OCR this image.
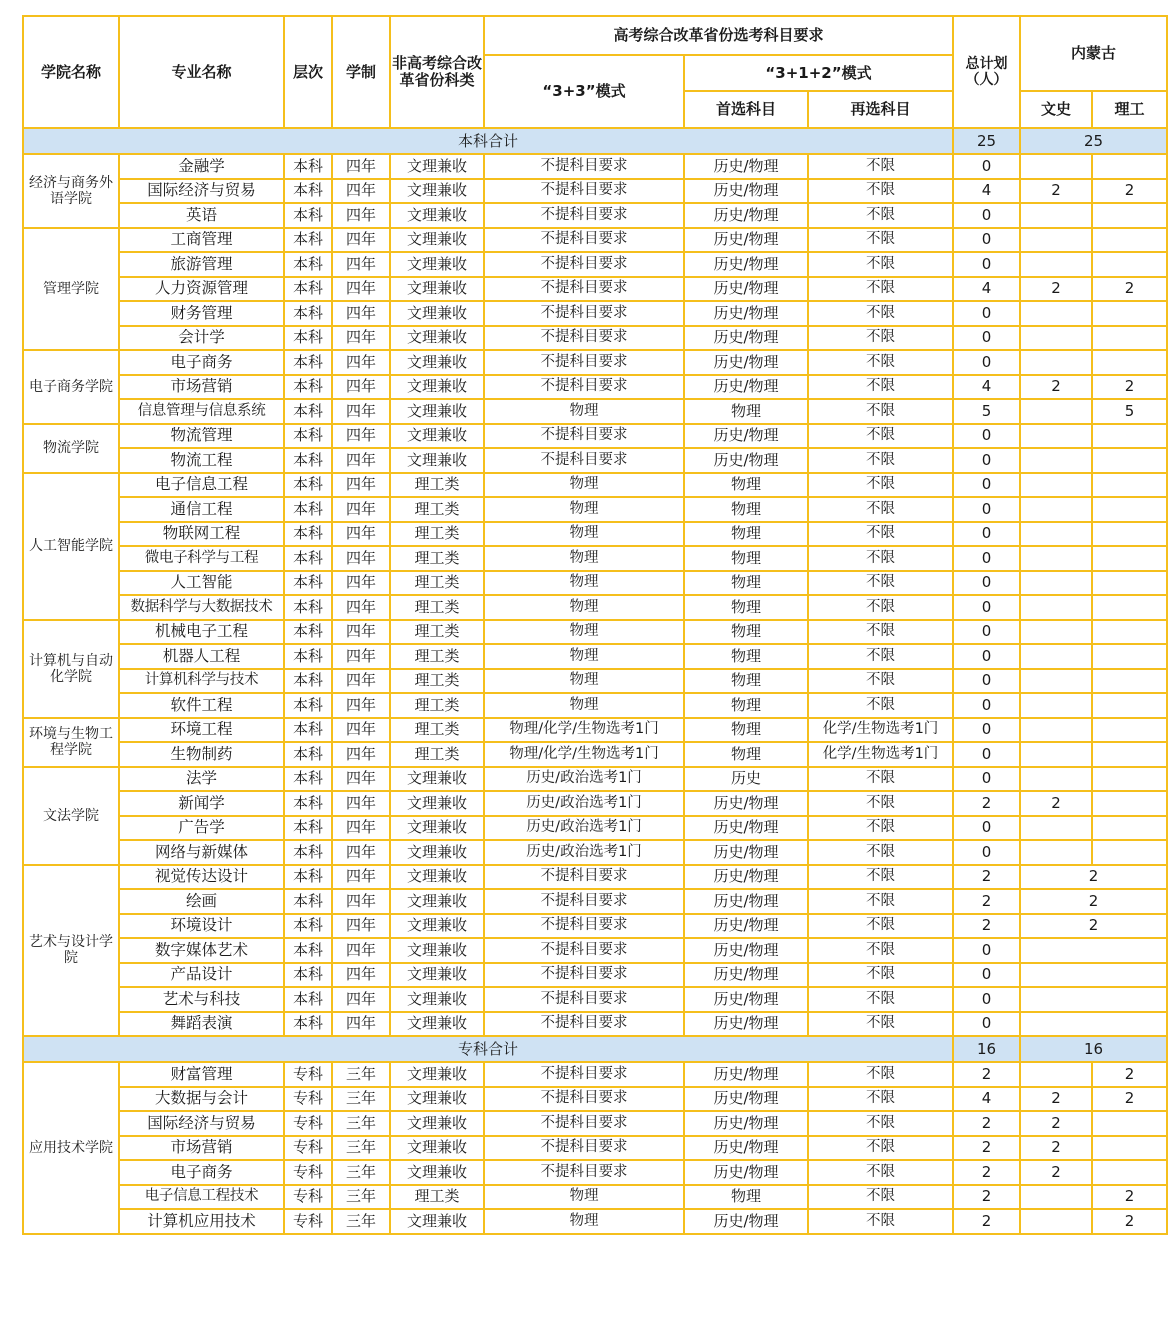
学院名称	专业名称	层次	学制	非高考综合改革省份科类	高考综合改革省份选考科目要求			总计划（人）	内蒙古	
					“3+3”模式	“3+1+2”模式				
						首选科目	再选科目		文史	理工
本科合计								25	25	
经济与商务外语学院	金融学	本科	四年	文理兼收	不提科目要求	历史/物理	不限	0		
	国际经济与贸易	本科	四年	文理兼收	不提科目要求	历史/物理	不限	4	2	2
	英语	本科	四年	文理兼收	不提科目要求	历史/物理	不限	0		
管理学院	工商管理	本科	四年	文理兼收	不提科目要求	历史/物理	不限	0		
	旅游管理	本科	四年	文理兼收	不提科目要求	历史/物理	不限	0		
	人力资源管理	本科	四年	文理兼收	不提科目要求	历史/物理	不限	4	2	2
	财务管理	本科	四年	文理兼收	不提科目要求	历史/物理	不限	0		
	会计学	本科	四年	文理兼收	不提科目要求	历史/物理	不限	0		
电子商务学院	电子商务	本科	四年	文理兼收	不提科目要求	历史/物理	不限	0		
	市场营销	本科	四年	文理兼收	不提科目要求	历史/物理	不限	4	2	2
	信息管理与信息系统	本科	四年	文理兼收	物理	物理	不限	5		5
物流学院	物流管理	本科	四年	文理兼收	不提科目要求	历史/物理	不限	0		
	物流工程	本科	四年	文理兼收	不提科目要求	历史/物理	不限	0		
人工智能学院	电子信息工程	本科	四年	理工类	物理	物理	不限	0		
	通信工程	本科	四年	理工类	物理	物理	不限	0		
	物联网工程	本科	四年	理工类	物理	物理	不限	0		
	微电子科学与工程	本科	四年	理工类	物理	物理	不限	0		
	人工智能	本科	四年	理工类	物理	物理	不限	0		
	数据科学与大数据技术	本科	四年	理工类	物理	物理	不限	0		
计算机与自动化学院	机械电子工程	本科	四年	理工类	物理	物理	不限	0		
	机器人工程	本科	四年	理工类	物理	物理	不限	0		
	计算机科学与技术	本科	四年	理工类	物理	物理	不限	0		
	软件工程	本科	四年	理工类	物理	物理	不限	0		
环境与生物工程学院	环境工程	本科	四年	理工类	物理/化学/生物选考1门	物理	化学/生物选考1门	0		
	生物制药	本科	四年	理工类	物理/化学/生物选考1门	物理	化学/生物选考1门	0		
文法学院	法学	本科	四年	文理兼收	历史/政治选考1门	历史	不限	0		
	新闻学	本科	四年	文理兼收	历史/政治选考1门	历史/物理	不限	2	2	
	广告学	本科	四年	文理兼收	历史/政治选考1门	历史/物理	不限	0		
	网络与新媒体	本科	四年	文理兼收	历史/政治选考1门	历史/物理	不限	0		
艺术与设计学院	视觉传达设计	本科	四年	文理兼收	不提科目要求	历史/物理	不限	2	2	
	绘画	本科	四年	文理兼收	不提科目要求	历史/物理	不限	2	2	
	环境设计	本科	四年	文理兼收	不提科目要求	历史/物理	不限	2	2	
	数字媒体艺术	本科	四年	文理兼收	不提科目要求	历史/物理	不限	0		
	产品设计	本科	四年	文理兼收	不提科目要求	历史/物理	不限	0		
	艺术与科技	本科	四年	文理兼收	不提科目要求	历史/物理	不限	0		
	舞蹈表演	本科	四年	文理兼收	不提科目要求	历史/物理	不限	0		
专科合计								16	16	
应用技术学院	财富管理	专科	三年	文理兼收	不提科目要求	历史/物理	不限	2		2
	大数据与会计	专科	三年	文理兼收	不提科目要求	历史/物理	不限	4	2	2
	国际经济与贸易	专科	三年	文理兼收	不提科目要求	历史/物理	不限	2	2	
	市场营销	专科	三年	文理兼收	不提科目要求	历史/物理	不限	2	2	
	电子商务	专科	三年	文理兼收	不提科目要求	历史/物理	不限	2	2	
	电子信息工程技术	专科	三年	理工类	物理	物理	不限	2		2
	计算机应用技术	专科	三年	文理兼收	物理	历史/物理	不限	2		2
